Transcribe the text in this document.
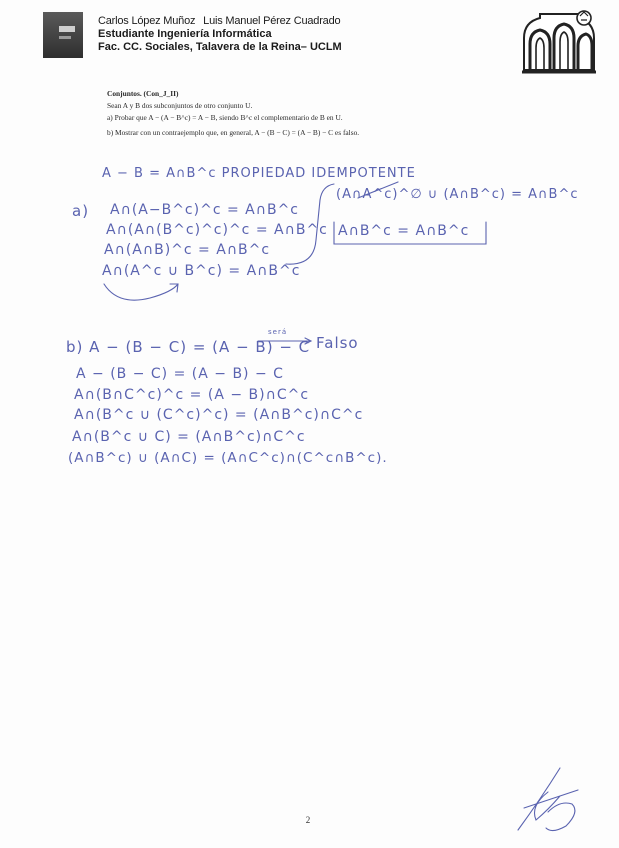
Carlos López Muñoz Luis Manuel Pérez Cuadrado
Estudiante Ingeniería Informática
Fac. CC. Sociales, Talavera de la Reina– UCLM

Conjuntos. (Con_J_II)

Sean A y B dos subconjuntos de otro conjunto U.

a) Probar que A − (A − B^c) = A − B, siendo B^c el complementario de B en U.

b) Mostrar con un contraejemplo que, en general, A − (B − C) = (A − B) − C es falso.

A − B = A∩B^c PROPIEDAD IDEMPOTENTE
a) A∩(A−B^c)^c = A∩B^c
A∩(A∩(B^c)^c)^c = A∩B^c
A∩(A∩B)^c = A∩B^c
A∩(A^c ∪ B^c) = A∩B^c
(A∩A^c)^∅ ∪ (A∩B^c) = A∩B^c
A∩B^c = A∩B^c
b) A − (B − C) = (A − B) − C
será
Falso
A − (B − C) = (A − B) − C
A∩(B∩C^c)^c = (A − B)∩C^c
A∩(B^c ∪ (C^c)^c) = (A∩B^c)∩C^c
A∩(B^c ∪ C) = (A∩B^c)∩C^c
(A∩B^c) ∪ (A∩C) = (A∩C^c)∩(C^c∩B^c).
2
